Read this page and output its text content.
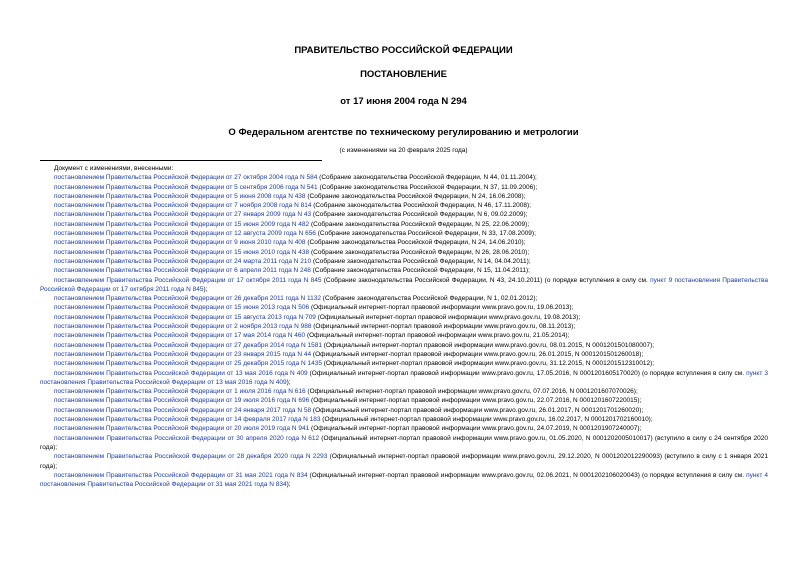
ПРАВИТЕЛЬСТВО РОССИЙСКОЙ ФЕДЕРАЦИИ
ПОСТАНОВЛЕНИЕ
от 17 июня 2004 года N 294
О Федеральном агентстве по техническому регулированию и метрологии
(с изменениями на 20 февраля 2025 года)
Документ с изменениями, внесенными:
постановлением Правительства Российской Федерации от 27 октября 2004 года N 584 (Собрание законодательства Российской Федерации, N 44, 01.11.2004);
постановлением Правительства Российской Федерации от 5 сентября 2006 года N 541 (Собрание законодательства Российской Федерации, N 37, 11.09.2006);
постановлением Правительства Российской Федерации от 5 июня 2008 года N 438 (Собрание законодательства Российской Федерации, N 24, 16.06.2008);
постановлением Правительства Российской Федерации от 7 ноября 2008 года N 814 (Собрание законодательства Российской Федерации, N 46, 17.11.2008);
постановлением Правительства Российской Федерации от 27 января 2009 года N 43 (Собрание законодательства Российской Федерации, N 6, 09.02.2009);
постановлением Правительства Российской Федерации от 15 июня 2009 года N 482 (Собрание законодательства Российской Федерации, N 25, 22.06.2009);
постановлением Правительства Российской Федерации от 12 августа 2009 года N 656 (Собрание законодательства Российской Федерации, N 33, 17.08.2009);
постановлением Правительства Российской Федерации от 9 июня 2010 года N 408 (Собрание законодательства Российской Федерации, N 24, 14.06.2010);
постановлением Правительства Российской Федерации от 15 июня 2010 года N 438 (Собрание законодательства Российской Федерации, N 26, 28.06.2010);
постановлением Правительства Российской Федерации от 24 марта 2011 года N 210 (Собрание законодательства Российской Федерации, N 14, 04.04.2011);
постановлением Правительства Российской Федерации от 6 апреля 2011 года N 248 (Собрание законодательства Российской Федерации, N 15, 11.04.2011);
постановлением Правительства Российской Федерации от 17 октября 2011 года N 845 (Собрание законодательства Российской Федерации, N 43, 24.10.2011) (о порядке вступления в силу см. пункт 9 постановления Правительства Российской Федерации от 17 октября 2011 года N 845);
постановлением Правительства Российской Федерации от 26 декабря 2011 года N 1132 (Собрание законодательства Российской Федерации, N 1, 02.01.2012);
постановлением Правительства Российской Федерации от 15 июня 2013 года N 506 (Официальный интернет-портал правовой информации www.pravo.gov.ru, 19.06.2013);
постановлением Правительства Российской Федерации от 15 августа 2013 года N 709 (Официальный интернет-портал правовой информации www.pravo.gov.ru, 19.08.2013);
постановлением Правительства Российской Федерации от 2 ноября 2013 года N 988 (Официальный интернет-портал правовой информации www.pravo.gov.ru, 08.11.2013);
постановлением Правительства Российской Федерации от 17 мая 2014 года N 460 (Официальный интернет-портал правовой информации www.pravo.gov.ru, 21.05.2014);
постановлением Правительства Российской Федерации от 27 декабря 2014 года N 1581 (Официальный интернет-портал правовой информации www.pravo.gov.ru, 08.01.2015, N 0001201501080007);
постановлением Правительства Российской Федерации от 23 января 2015 года N 44 (Официальный интернет-портал правовой информации www.pravo.gov.ru, 26.01.2015, N 0001201501260018);
постановлением Правительства Российской Федерации от 25 декабря 2015 года N 1435 (Официальный интернет-портал правовой информации www.pravo.gov.ru, 31.12.2015, N 0001201512310012);
постановлением Правительства Российской Федерации от 13 мая 2016 года N 409 (Официальный интернет-портал правовой информации www.pravo.gov.ru, 17.05.2016, N 0001201605170020) (о порядке вступления в силу см. пункт 3 постановления Правительства Российской Федерации от 13 мая 2016 года N 409);
постановлением Правительства Российской Федерации от 1 июля 2016 года N 616 (Официальный интернет-портал правовой информации www.pravo.gov.ru, 07.07.2016, N 0001201607070026);
постановлением Правительства Российской Федерации от 19 июля 2016 года N 696 (Официальный интернет-портал правовой информации www.pravo.gov.ru, 22.07.2016, N 0001201607220015);
постановлением Правительства Российской Федерации от 24 января 2017 года N 58 (Официальный интернет-портал правовой информации www.pravo.gov.ru, 26.01.2017, N 0001201701260020);
постановлением Правительства Российской Федерации от 14 февраля 2017 года N 183 (Официальный интернет-портал правовой информации www.pravo.gov.ru, 16.02.2017, N 0001201702160010);
постановлением Правительства Российской Федерации от 20 июля 2019 года N 941 (Официальный интернет-портал правовой информации www.pravo.gov.ru, 24.07.2019, N 0001201907240007);
постановлением Правительства Российской Федерации от 30 апреля 2020 года N 612 (Официальный интернет-портал правовой информации www.pravo.gov.ru, 01.05.2020, N 0001202005010017) (вступило в силу с 24 сентября 2020 года);
постановлением Правительства Российской Федерации от 28 декабря 2020 года N 2293 (Официальный интернет-портал правовой информации www.pravo.gov.ru, 29.12.2020, N 0001202012290093) (вступило в силу с 1 января 2021 года);
постановлением Правительства Российской Федерации от 31 мая 2021 года N 834 (Официальный интернет-портал правовой информации www.pravo.gov.ru, 02.06.2021, N 0001202106020043) (о порядке вступления в силу см. пункт 4 постановления Правительства Российской Федерации от 31 мая 2021 года N 834);
